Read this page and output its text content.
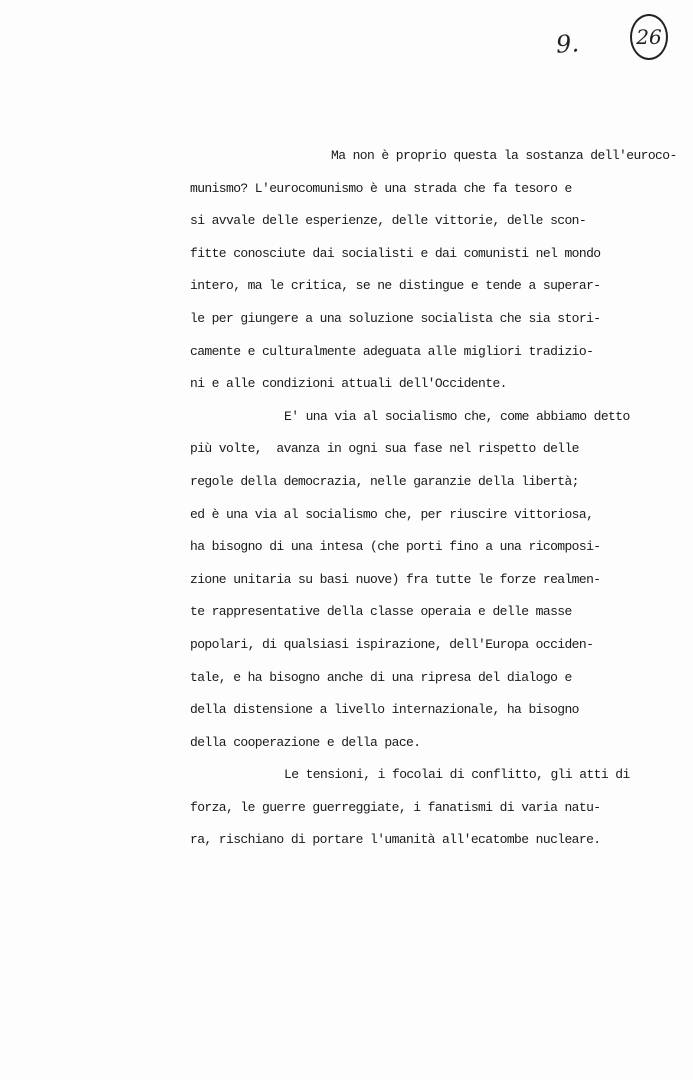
9.	26
Ma non è proprio questa la sostanza dell'euroco-
munismo? L'eurocomunismo è una strada che fa tesoro e
si avvale delle esperienze, delle vittorie, delle scon-
fitte conosciute dai socialisti e dai comunisti nel mondo
intero, ma le critica, se ne distingue e tende a superar-
le per giungere a una soluzione socialista che sia stori-
camente e culturalmente adeguata alle migliori tradizio-
ni e alle condizioni attuali dell'Occidente.
E' una via al socialismo che, come abbiamo detto
più volte,  avanza in ogni sua fase nel rispetto delle
regole della democrazia, nelle garanzie della libertà;
ed è una via al socialismo che, per riuscire vittoriosa,
ha bisogno di una intesa (che porti fino a una ricomposi-
zione unitaria su basi nuove) fra tutte le forze realmen-
te rappresentative della classe operaia e delle masse
popolari, di qualsiasi ispirazione, dell'Europa occiden-
tale, e ha bisogno anche di una ripresa del dialogo e
della distensione a livello internazionale, ha bisogno
della cooperazione e della pace.
Le tensioni, i focolai di conflitto, gli atti di
forza, le guerre guerreggiate, i fanatismi di varia natu-
ra, rischiano di portare l'umanità all'ecatombe nucleare.
